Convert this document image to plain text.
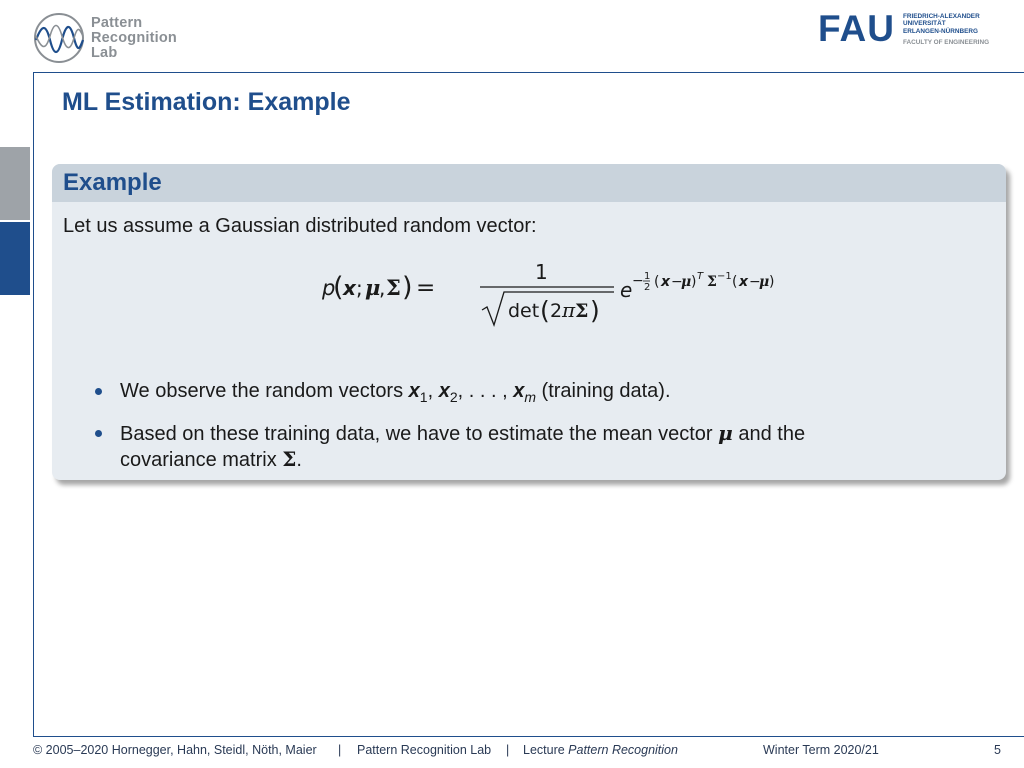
Pattern
Recognition
Lab
FAU FRIEDRICH-ALEXANDER
UNIVERSITÄT
ERLANGEN-NÜRNBERG
FACULTY OF ENGINEERING
ML Estimation: Example
Example
Let us assume a Gaussian distributed random vector:
p
( x ; μ
, Σ ) =
1
det ( 2 π Σ )
e − 1
2 ( x −
μ ) T Σ −1 ( x −
μ )
We observe the random vectors $x_1$, $x_2$, . . . , $x_m$ (training data).
Based on these training data, we have to estimate the mean vector μ and the
covariance matrix Σ.
© 2005–2020 Hornegger, Hahn, Steidl, Nöth, Maier | Pattern Recognition Lab | Lecture Pattern Recognition	Winter Term 2020/21	5
